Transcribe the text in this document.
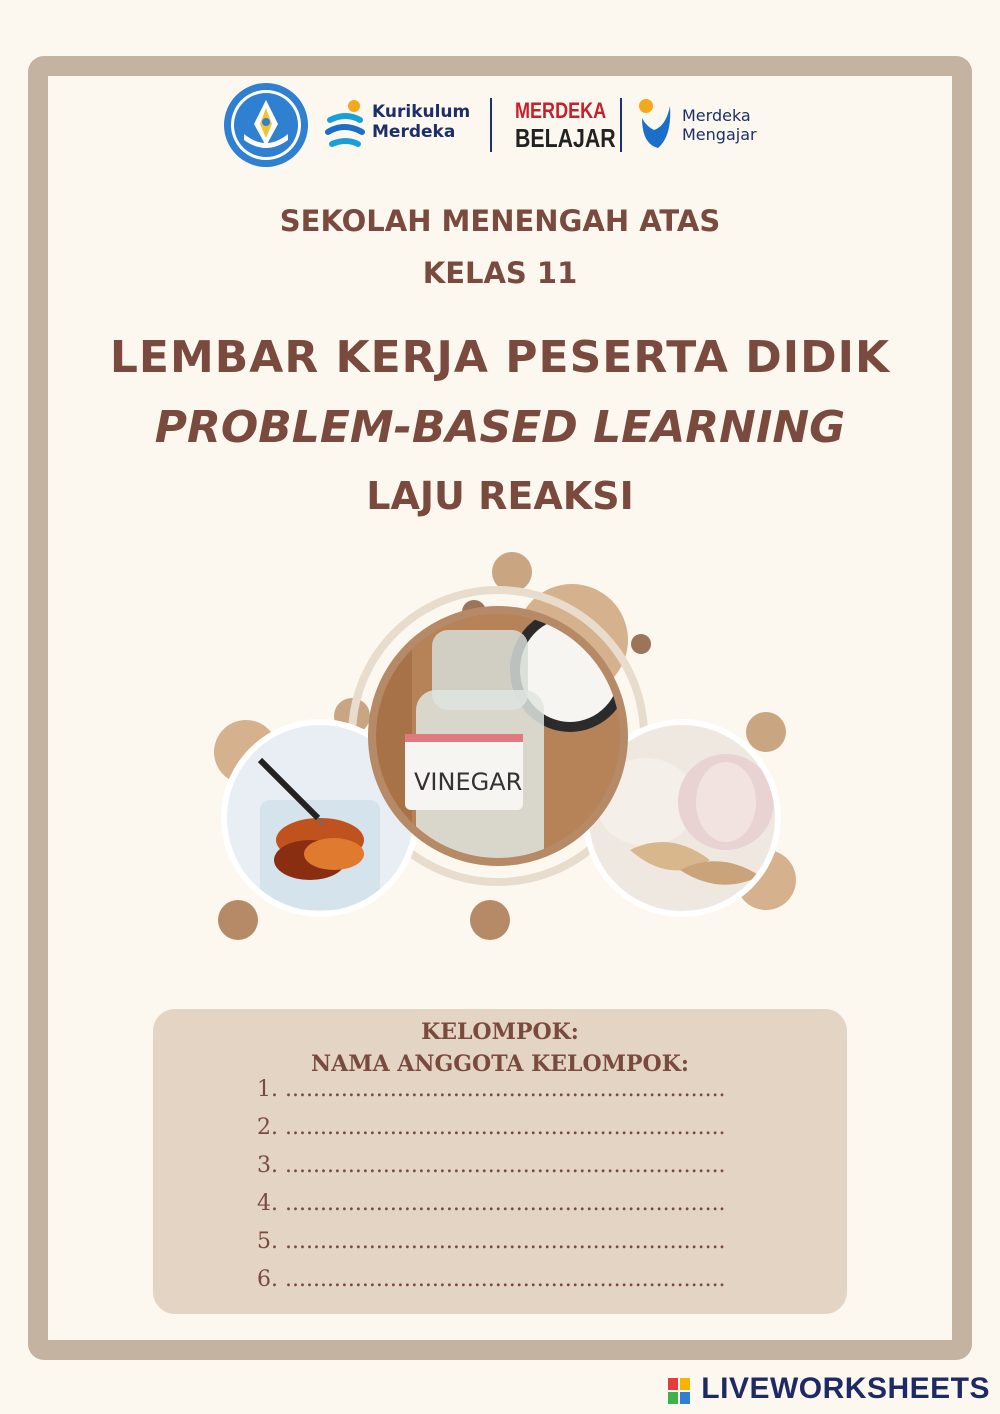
Kurikulum
Merdeka
MERDEKA
BELAJAR
Merdeka
Mengajar
SEKOLAH MENENGAH ATAS
KELAS 11
LEMBAR KERJA PESERTA DIDIK
PROBLEM-BASED LEARNING
LAJU REAKSI
VINEGAR
KELOMPOK:
NAMA ANGGOTA KELOMPOK:
1. ...............................................................
2. ...............................................................
3. ...............................................................
4. ...............................................................
5. ...............................................................
6. ...............................................................
LIVEWORKSHEETS
